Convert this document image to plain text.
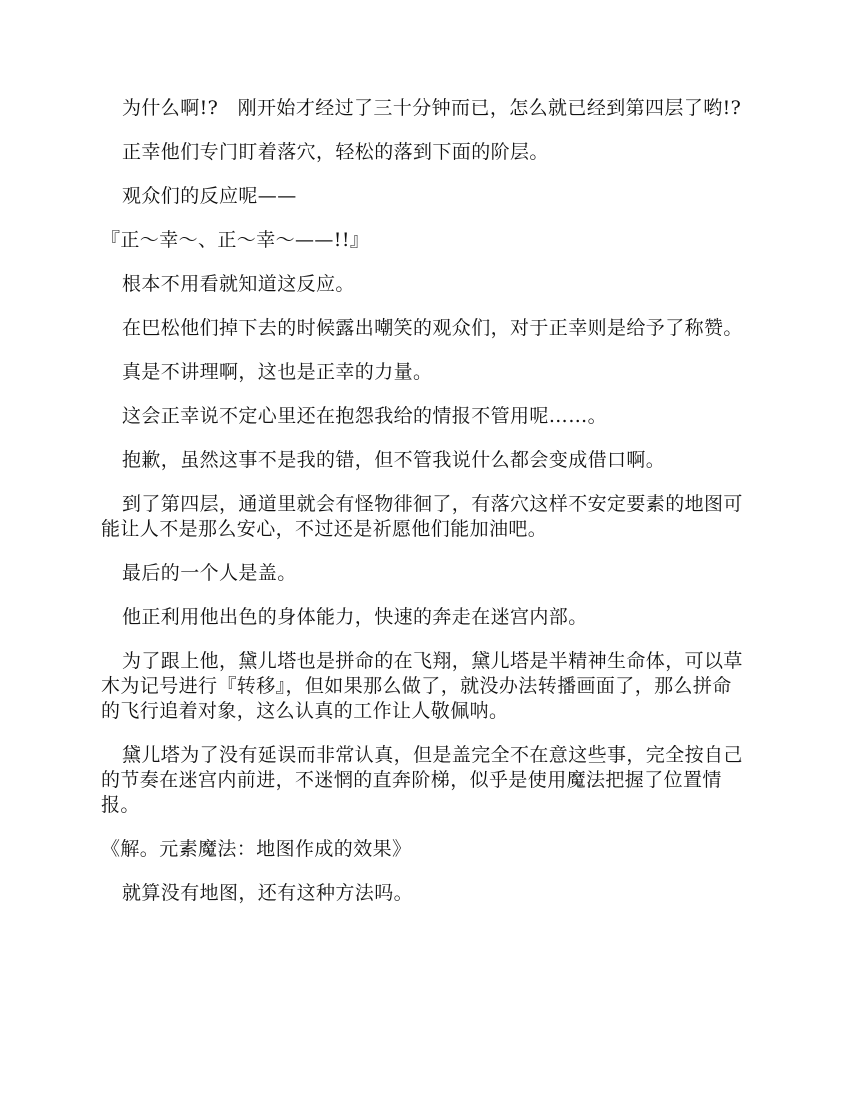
为什么啊!?　刚开始才经过了三十分钟而已，怎么就已经到第四层了哟!?

正幸他们专门盯着落穴，轻松的落到下面的阶层。

观众们的反应呢——

『正～幸～、正～幸～——!!』

根本不用看就知道这反应。

在巴松他们掉下去的时候露出嘲笑的观众们，对于正幸则是给予了称赞。

真是不讲理啊，这也是正幸的力量。

这会正幸说不定心里还在抱怨我给的情报不管用呢……。

抱歉，虽然这事不是我的错，但不管我说什么都会变成借口啊。

到了第四层，通道里就会有怪物徘徊了，有落穴这样不安定要素的地图可能让人不是那么安心，不过还是祈愿他们能加油吧。

最后的一个人是盖。

他正利用他出色的身体能力，快速的奔走在迷宫内部。

为了跟上他，黛儿塔也是拼命的在飞翔，黛儿塔是半精神生命体，可以草木为记号进行『转移』，但如果那么做了，就没办法转播画面了，那么拼命的飞行追着对象，这么认真的工作让人敬佩呐。

黛儿塔为了没有延误而非常认真，但是盖完全不在意这些事，完全按自己的节奏在迷宫内前进，不迷惘的直奔阶梯，似乎是使用魔法把握了位置情报。

《解。元素魔法：地图作成的效果》

就算没有地图，还有这种方法吗。
